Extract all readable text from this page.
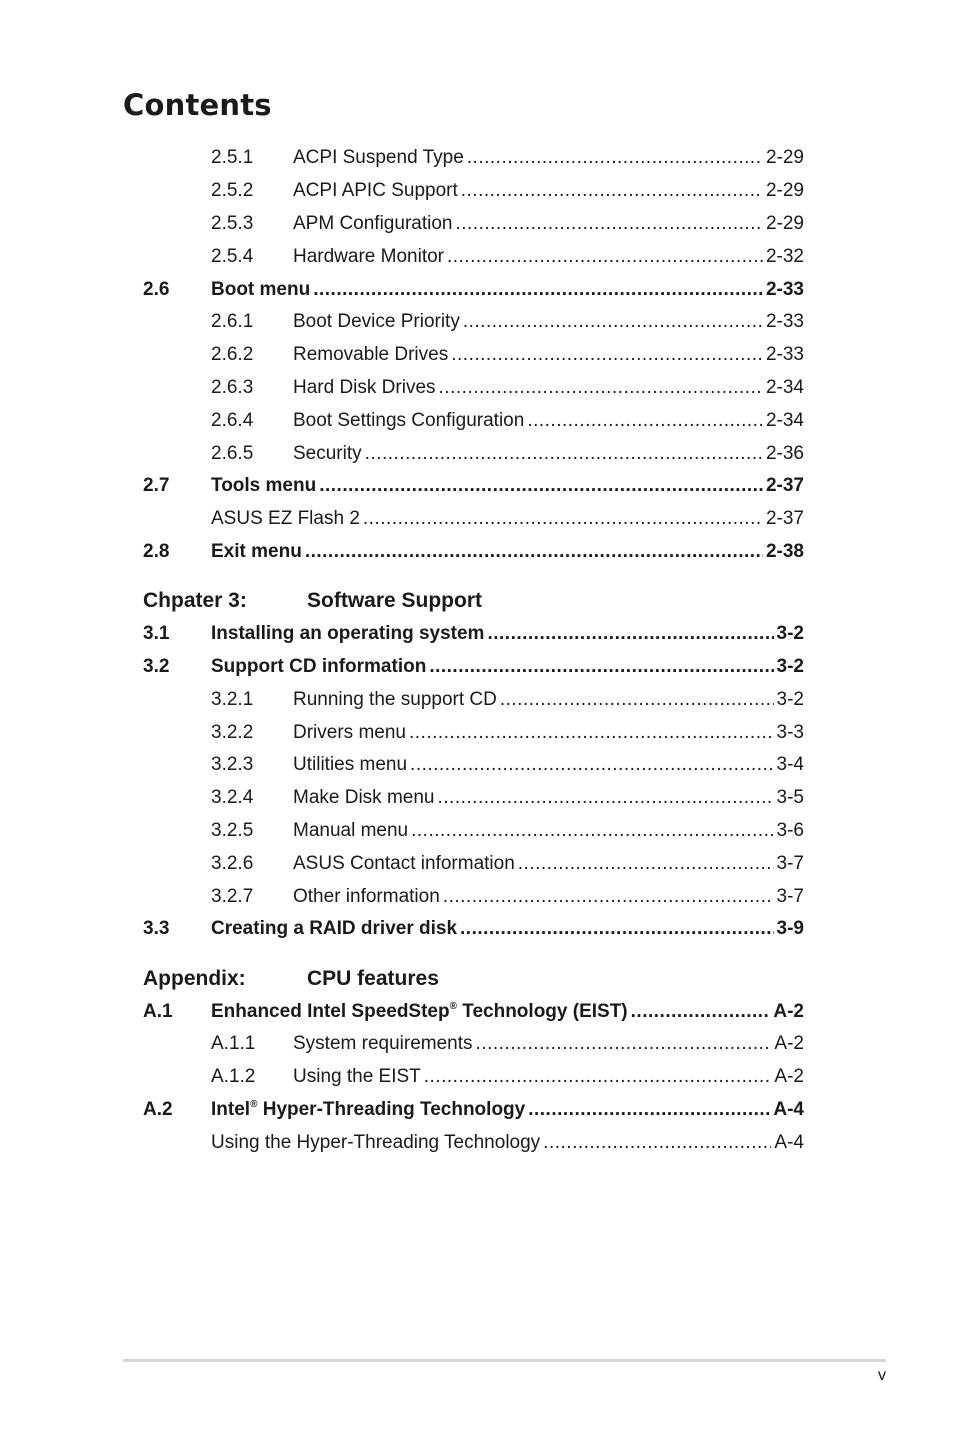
Contents
2.5.1 ACPI Suspend Type .....	2-29
2.5.2 ACPI APIC Support .....	2-29
2.5.3 APM Configuration .....	2-29
2.5.4 Hardware Monitor .....	2-32
2.6 Boot menu .....	2-33
2.6.1 Boot Device Priority .....	2-33
2.6.2 Removable Drives .....	2-33
2.6.3 Hard Disk Drives .....	2-34
2.6.4 Boot Settings Configuration .....	2-34
2.6.5 Security .....	2-36
2.7 Tools menu .....	2-37
ASUS EZ Flash 2 .....	2-37
2.8 Exit menu .....	2-38
Chpater 3:	Software Support
3.1 Installing an operating system .....	3-2
3.2 Support CD information .....	3-2
3.2.1 Running the support CD .....	3-2
3.2.2 Drivers menu .....	3-3
3.2.3 Utilities menu .....	3-4
3.2.4 Make Disk menu .....	3-5
3.2.5 Manual menu .....	3-6
3.2.6 ASUS Contact information .....	3-7
3.2.7 Other information .....	3-7
3.3 Creating a RAID driver disk .....	3-9
Appendix:	CPU features
A.1 Enhanced Intel SpeedStep® Technology (EIST) .....	A-2
A.1.1 System requirements .....	A-2
A.1.2 Using the EIST .....	A-2
A.2 Intel® Hyper-Threading Technology .....	A-4
Using the Hyper-Threading Technology .....	A-4
v
